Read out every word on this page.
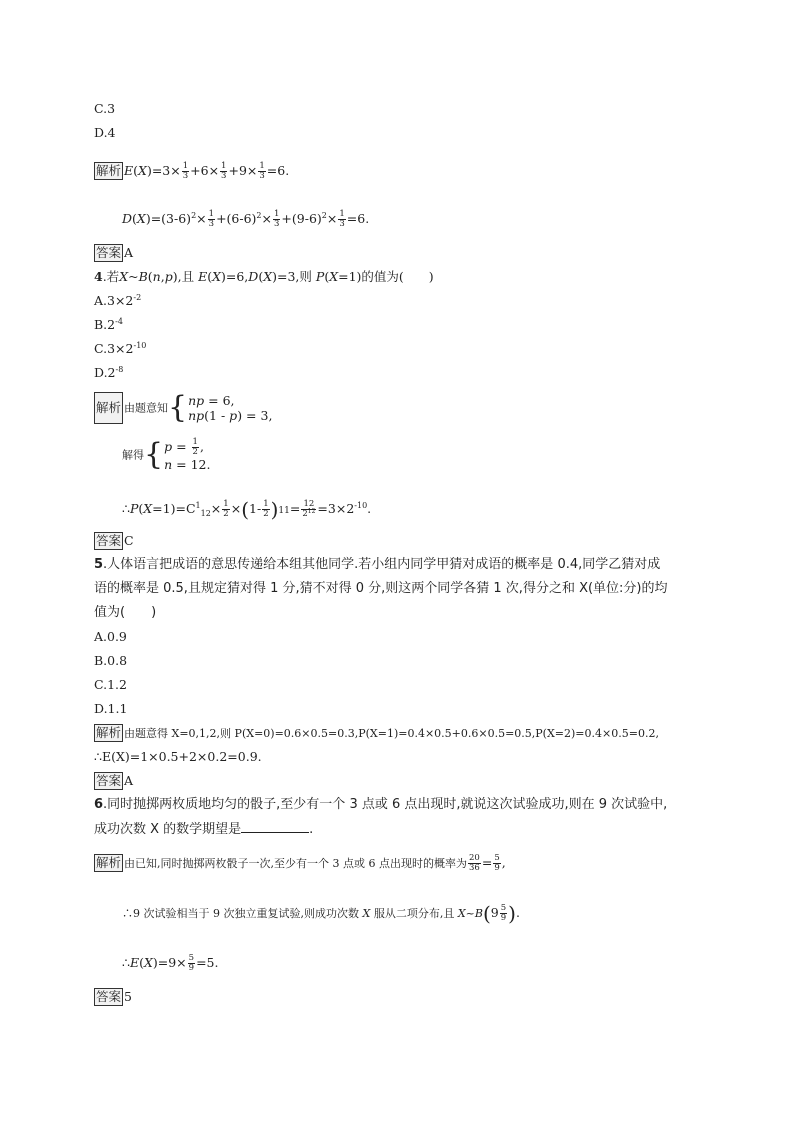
C.3
D.4
解析 $E(X)=3\times \frac{1}{3} +6\times \frac{1}{3} +9\times \frac{1}{3} =6$.
$D(X)=(3-6)^2\times \frac{1}{3} +(6-6)^2\times \frac{1}{3} +(9-6)^2\times \frac{1}{3} =6$.
答案 A
4.若X~B(n,p),且 E(X)=6,D(X)=3,则 P(X=1)的值为(　　)
$A.3\times 2^{-2}$
$B.2^{-4}$
$C.3\times 2^{-10}$
$D.2^{-8}$
解析 由题意知{ np = 6,
np(1 - p) = 3,
解得{ $p = \frac{1}{2}$ ,
n = 12.
$\therefore P(X=1)=C^1_{12}\times \frac{1}{2} \times(1- \frac{1}{2} )11= \frac{12}{2^{12}} =3\times 2^{-10}$.
答案 C
5.人体语言把成语的意思传递给本组其他同学.若小组内同学甲猜对成语的概率是 0.4,同学乙猜对成
语的概率是 0.5,且规定猜对得 1 分,猜不对得 0 分,则这两个同学各猜 1 次,得分之和 X(单位:分)的均
值为(　　)
A.0.9
B.0.8
C.1.2
D.1.1
解析 由题意得 X=0,1,2,则 P(X=0)=0.6×0.5=0.3,P(X=1)=0.4×0.5+0.6×0.5=0.5,P(X=2)=0.4×0.5=0.2,
∴E(X)=1×0.5+2×0.2=0.9.
答案 A
6.同时抛掷两枚质地均匀的骰子,至少有一个 3 点或 6 点出现时,就说这次试验成功,则在 9 次试验中,
成功次数 X 的数学期望是	.
解析 由已知,同时抛掷两枚骰子一次,至少有一个 3 点或 6 点出现时的概率为 $\frac{20}{36} = \frac{5}{9}$ ,
∴9 次试验相当于 9 次独立重复试验,则成功次数 X 服从二项分布,且 X~B(9 $\frac{5}{9}$ ).
∴E(X)=9× $\frac{5}{9} =5$.
答案 5
